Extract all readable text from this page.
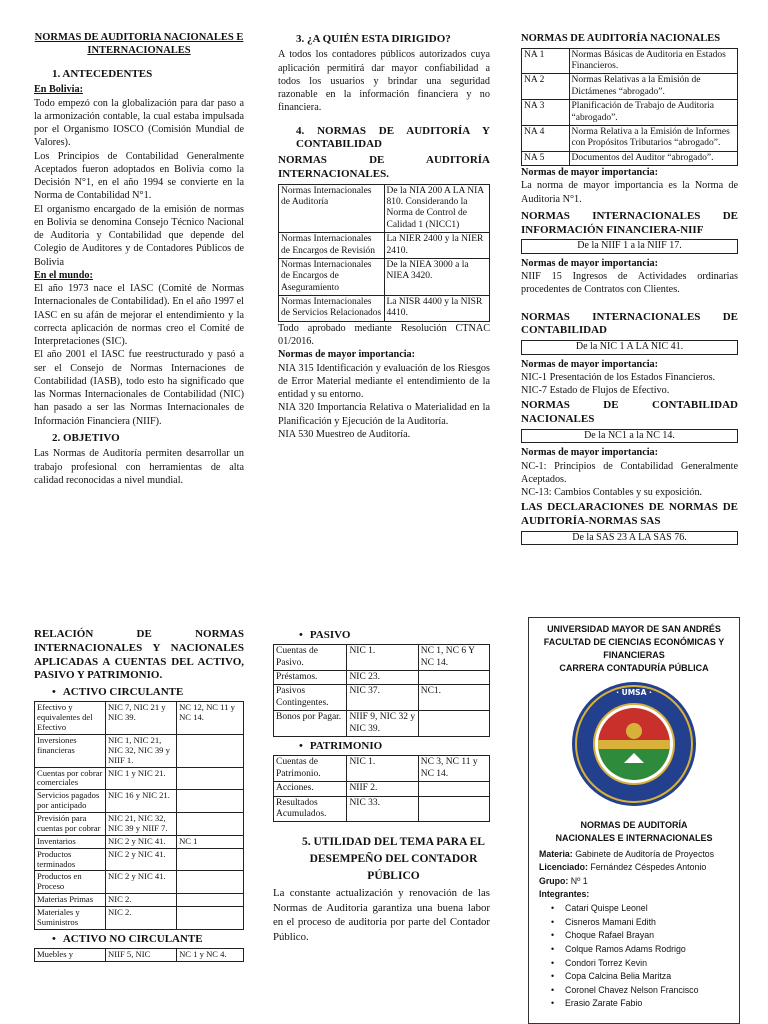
NORMAS DE AUDITORÍA NACIONALES E INTERNACIONALES
1. ANTECEDENTES
En Bolivia:

Todo empezó con la globalización para dar paso a la armonización contable, la cual estaba impulsada por el Organismo IOSCO (Comisión Mundial de Valores).

Los Principios de Contabilidad Generalmente Aceptados fueron adoptados en Bolivia como la Decisión N°1, en el año 1994 se convierte en la Norma de Contabilidad N°1.

El organismo encargado de la emisión de normas en Bolivia se denomina Consejo Técnico Nacional de Auditoria y Contabilidad que depende del Colegio de Auditores y de Contadores Públicos de Bolivia

En el mundo:

El año 1973 nace el IASC (Comité de Normas Internacionales de Contabilidad). En el año 1997 el IASC en su afán de mejorar el entendimiento y la correcta aplicación de normas creo el Comité de Interpretaciones (SIC).

El año 2001 el IASC fue reestructurado y pasó a ser el Consejo de Normas Internaciones de Contabilidad (IASB), todo esto ha significado que las Normas Internacionales de Contabilidad (NIC) han pasado a ser las Normas Internacionales de Información Financiera (NIIF).

2. OBJETIVO

Las Normas de Auditoría permiten desarrollar un trabajo profesional con herramientas de alta calidad reconocidas a nivel mundial.

3. ¿A QUIÉN ESTA DIRIGIDO?

A todos los contadores públicos autorizados cuya aplicación permitirá dar mayor confiabilidad a todos los usuarios y brindar una seguridad razonable en la información financiera y no financiera.

4. NORMAS DE AUDITORÍA Y CONTABILIDAD
NORMAS DE AUDITORÍA INTERNACIONALES.
Normas Internacionales de Auditoría	De la NIA 200 A LA NIA 810. Considerando la Norma de Control de Calidad 1 (NICC1)
Normas Internacionales de Encargos de Revisión	La NIER 2400 y la NIER 2410.
Normas Internacionales de Encargos de Aseguramiento	De la NIEA 3000 a la NIEA 3420.
Normas Internacionales de Servicios Relacionados	La NISR 4400 y la NISR 4410.

Todo aprobado mediante Resolución CTNAC 01/2016.

Normas de mayor importancia:

NIA 315 Identificación y evaluación de los Riesgos de Error Material mediante el entendimiento de la entidad y su entorno.

NIA 320 Importancia Relativa o Materialidad en la Planificación y Ejecución de la Auditoría.

NIA 530 Muestreo de Auditoría.

NORMAS DE AUDITORÍA NACIONALES
NA 1	Normas Básicas de Auditoria en Estados Financieros.
NA 2	Normas Relativas a la Emisión de Dictámenes “abrogado”.
NA 3	Planificación de Trabajo de Auditoria “abrogado”.
NA 4	Norma Relativa a la Emisión de Informes con Propósitos Tributarios “abrogado”.
NA 5	Documentos del Auditor “abrogado”.
Normas de mayor importancia:

La norma de mayor importancia es la Norma de Auditoria N°1.

NORMAS INTERNACIONALES DE INFORMACIÓN FINANCIERA-NIIF
De la NIIF 1 a la NIIF 17.
Normas de mayor importancia:

NIIF 15 Ingresos de Actividades ordinarias procedentes de Contratos con Clientes.

NORMAS INTERNACIONALES DE CONTABILIDAD
De la NIC 1 A LA NIC 41.
Normas de mayor importancia:
NIC-1 Presentación de los Estados Financieros.
NIC-7 Estado de Flujos de Efectivo.
NORMAS DE CONTABILIDAD NACIONALES
De la NC1 a la NC 14.
Normas de mayor importancia:

NC-1: Principios de Contabilidad Generalmente Aceptados.

NC-13: Cambios Contables y su exposición.

LAS DECLARACIONES DE NORMAS DE AUDITORÍA-NORMAS SAS
De la SAS 23 A LA SAS 76.
RELACIÓN DE NORMAS INTERNACIONALES Y NACIONALES APLICADAS A CUENTAS DEL ACTIVO, PASIVO Y PATRIMONIO.
• ACTIVO CIRCULANTE
Efectivo y equivalentes del Efectivo	NIC 7, NIC 21 y NIC 39.	NC 12, NC 11 y NC 14.
Inversiones financieras	NIC 1, NIC 21, NIC 32, NIC 39 y NIIF 1.	
Cuentas por cobrar comerciales	NIC 1 y NIC 21.	
Servicios pagados por anticipado	NIC 16 y NIC 21.	
Previsión para cuentas por cobrar	NIC 21, NIC 32, NIC 39 y NIIF 7.	
Inventarios	NIC 2 y NIC 41.	NC 1
Productos terminados	NIC 2 y NIC 41.	
Productos en Proceso	NIC 2 y NIC 41.	
Materias Primas	NIC 2.	
Materiales y Suministros	NIC 2.	
• ACTIVO NO CIRCULANTE
Muebles y	NIIF 5, NIC	NC 1 y NC 4.
• PASIVO
Cuentas de Pasivo.	NIC 1.	NC 1, NC 6 Y NC 14.
Préstamos.	NIC 23.	
Pasivos Contingentes.	NIC 37.	NC1.
Bonos por Pagar.	NIIF 9, NIC 32 y NIC 39.	
• PATRIMONIO
Cuentas de Patrimonio.	NIC 1.	NC 3, NC 11 y NC 14.
Acciones.	NIIF 2.	
Resultados Acumulados.	NIC 33.	
5. UTILIDAD DEL TEMA PARA EL DESEMPEÑO DEL CONTADOR PÚBLICO

La constante actualización y renovación de las Normas de Auditoria garantiza una buena labor en el proceso de auditoria por parte del Contador Público.

UNIVERSIDAD MAYOR DE SAN ANDRÉS
FACULTAD DE CIENCIAS ECONÓMICAS Y FINANCIERAS
CARRERA CONTADURÍA PÚBLICA
· UMSA ·
NORMAS DE AUDITORÍA
NACIONALES E INTERNACIONALES
Materia: Gabinete de Auditoría de Proyectos
Licenciado: Fernández Céspedes Antonio
Grupo: Nº 1
Integrantes:
• Catari Quispe Leonel
• Cisneros Mamani Edith
• Choque Rafael Brayan
• Colque Ramos Adams Rodrigo
• Condori Torrez Kevin
• Copa Calcina Belia Maritza
• Coronel Chavez Nelson Francisco
• Erasio Zarate Fabio
